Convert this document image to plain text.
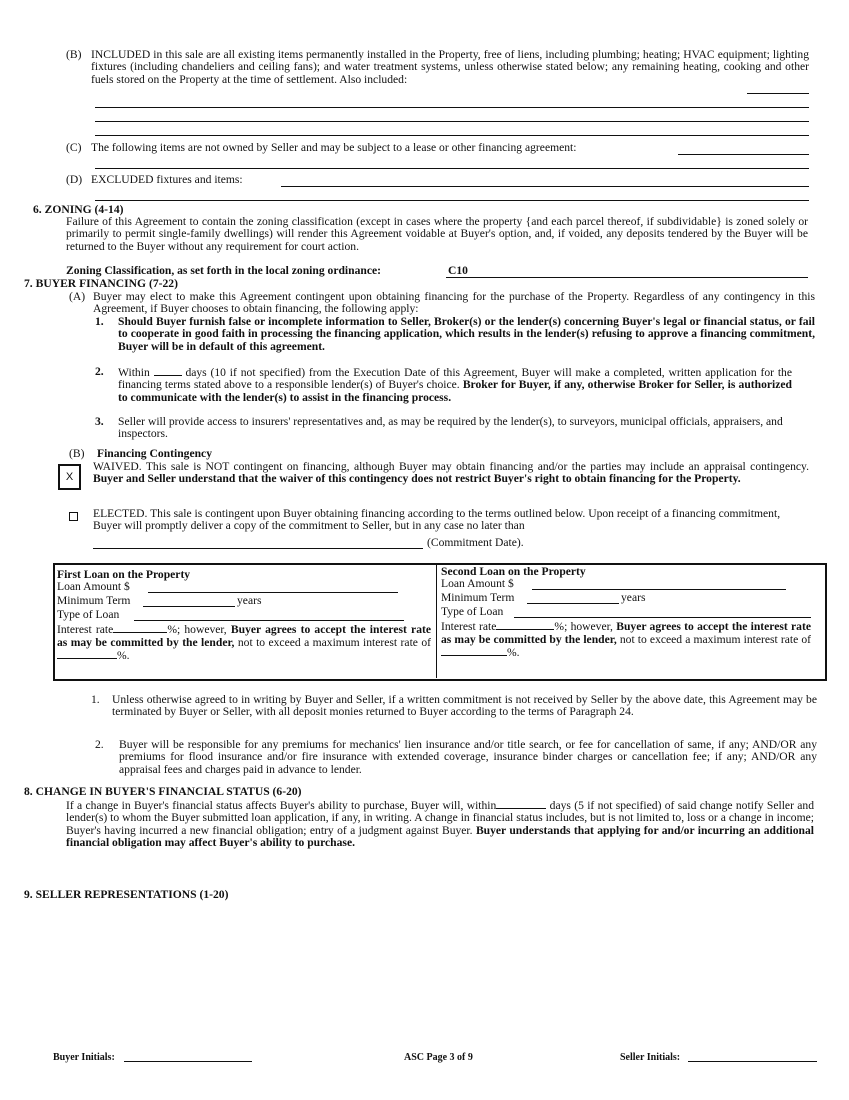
(B) INCLUDED in this sale are all existing items permanently installed in the Property, free of liens, including plumbing; heating; HVAC equipment; lighting fixtures (including chandeliers and ceiling fans); and water treatment systems, unless otherwise stated below; any remaining heating, cooking and other fuels stored on the Property at the time of settlement. Also included:
(C) The following items are not owned by Seller and may be subject to a lease or other financing agreement:
(D) EXCLUDED fixtures and items:
6. ZONING (4-14)
Failure of this Agreement to contain the zoning classification (except in cases where the property {and each parcel thereof, if subdividable} is zoned solely or primarily to permit single-family dwellings) will render this Agreement voidable at Buyer's option, and, if voided, any deposits tendered by the Buyer will be returned to the Buyer without any requirement for court action.
Zoning Classification, as set forth in the local zoning ordinance:	C10
7. BUYER FINANCING (7-22)
(A) Buyer may elect to make this Agreement contingent upon obtaining financing for the purchase of the Property. Regardless of any contingency in this Agreement, if Buyer chooses to obtain financing, the following apply:
1. Should Buyer furnish false or incomplete information to Seller, Broker(s) or the lender(s) concerning Buyer's legal or financial status, or fail to cooperate in good faith in processing the financing application, which results in the lender(s) refusing to approve a financing commitment, Buyer will be in default of this agreement.
2. Within	days (10 if not specified) from the Execution Date of this Agreement, Buyer will make a completed, written application for the financing terms stated above to a responsible lender(s) of Buyer's choice. Broker for Buyer, if any, otherwise Broker for Seller, is authorized to communicate with the lender(s) to assist in the financing process.
3. Seller will provide access to insurers' representatives and, as may be required by the lender(s), to surveyors, municipal officials, appraisers, and inspectors.
(B) Financing Contingency
X
WAIVED. This sale is NOT contingent on financing, although Buyer may obtain financing and/or the parties may include an appraisal contingency. Buyer and Seller understand that the waiver of this contingency does not restrict Buyer's right to obtain financing for the Property.
ELECTED. This sale is contingent upon Buyer obtaining financing according to the terms outlined below. Upon receipt of a financing commitment, Buyer will promptly deliver a copy of the commitment to Seller, but in any case no later than
(Commitment Date).
First Loan on the Property
Loan Amount $
Minimum Term	years
Type of Loan
Interest rate	%; however, Buyer agrees to accept the interest rate as may be committed by the lender, not to exceed a maximum interest rate of%.
Second Loan on the Property
Loan Amount $
Minimum Term	years
Type of Loan
Interest rate	%; however, Buyer agrees to accept the interest rate as may be committed by the lender, not to exceed a maximum interest rate of%.
1. Unless otherwise agreed to in writing by Buyer and Seller, if a written commitment is not received by Seller by the above date, this Agreement may be terminated by Buyer or Seller, with all deposit monies returned to Buyer according to the terms of Paragraph 24.
2. Buyer will be responsible for any premiums for mechanics' lien insurance and/or title search, or fee for cancellation of same, if any; AND/OR any premiums for flood insurance and/or fire insurance with extended coverage, insurance binder charges or cancellation fee; if any; AND/OR any appraisal fees and charges paid in advance to lender.
8. CHANGE IN BUYER'S FINANCIAL STATUS (6-20)
If a change in Buyer's financial status affects Buyer's ability to purchase, Buyer will, within	days (5 if not specified) of said change notify Seller and lender(s) to whom the Buyer submitted loan application, if any, in writing. A change in financial status includes, but is not limited to, loss or a change in income; Buyer's having incurred a new financial obligation; entry of a judgment against Buyer. Buyer understands that applying for and/or incurring an additional financial obligation may affect Buyer's ability to purchase.
9. SELLER REPRESENTATIONS (1-20)
Buyer Initials:	ASC Page 3 of 9	Seller Initials:
